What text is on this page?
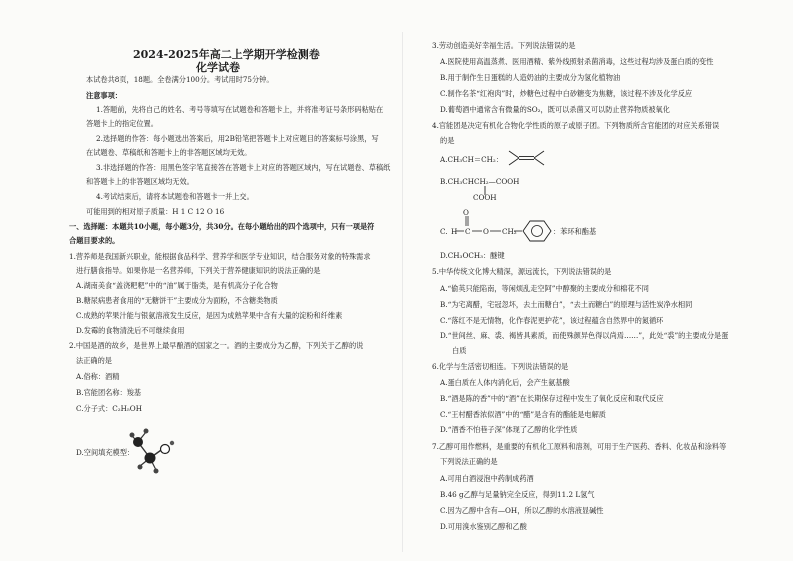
2024-2025年高二上学期开学检测卷
化学试卷
本试卷共8页，18题。全卷满分100分。考试用时75分钟。
注意事项：
1.答题前，先将自己的姓名、考号等填写在试题卷和答题卡上，并将准考证号条形码粘贴在
答题卡上的指定位置。
2.选择题的作答：每小题选出答案后，用2B铅笔把答题卡上对应题目的答案标号涂黑，写
在试题卷、草稿纸和答题卡上的非答题区域均无效。
3.非选择题的作答：用黑色签字笔直接答在答题卡上对应的答题区域内，写在试题卷、草稿纸
和答题卡上的非答题区域均无效。
4.考试结束后，请将本试题卷和答题卡一并上交。
可能用到的相对原子质量：H 1 C 12 O 16
一、选择题：本题共10小题，每小题3分，共30分。在每小题给出的四个选项中，只有一项是符
合题目要求的。
1.营养师是我国新兴职业，能根据食品科学、营养学和医学专业知识，结合服务对象的特殊需求
进行膳食指导。如果你是一名营养师，下列关于营养健康知识的说法正确的是
A.湖南美食“盖浇粑粑”中的“油”属于脂类，是有机高分子化合物
B.糖尿病患者食用的“无糖饼干”主要成分为面粉，不含糖类物质
C.成熟的苹果汁能与银氨溶液发生反应，是因为成熟苹果中含有大量的淀粉和纤维素
D.发霉的食物清洗后不可继续食用
2.中国是酒的故乡，是世界上最早酿酒的国家之一。酒的主要成分为乙醇，下列关于乙醇的说
法正确的是
A.俗称：酒精
B.官能团名称：羧基
C.分子式：C₂H₅OH
D.空间填充模型：
3.劳动创造美好幸福生活。下列说法错误的是
A.医院使用高温蒸煮、医用酒精、紫外线照射杀菌消毒，这些过程均涉及蛋白质的变性
B.用于制作生日蛋糕的人造奶油的主要成分为氢化植物油
C.制作名茶“红袍肉”时，炒糖色过程中白砂糖变为焦糖，该过程不涉及化学反应
D.葡萄酒中通常含有微量的SO₂，既可以杀菌又可以防止营养物质被氧化
4.官能团是决定有机化合物化学性质的原子或原子团。下列物质所含官能团的对应关系错误
的是
A.CH₃CH＝CH₂：
B.CH₃CHCH₂—COOH
COOH
O
C. H C O CH₂	：苯环和酯基
D.CH₃OCH₃：醚键
5.中华传统文化博大精深，源远流长，下列说法错误的是
A.“偷英只能陷南，等闲烦乱走空阿”中醇聚的主要成分和棉花不同
B.“为宅离醋，宅冠忽坏，去土而糖白”，“去土而糖白”的原理与活性炭净水相同
C.“落红不是无情物，化作春泥更护花”，该过程蕴含自然界中的氮循环
D.“世间丝、麻、裘、褐皆具素质，而使殊颜异色得以尚焉……”，此处“裘”的主要成分是蛋
白质
6.化学与生活密切相连。下列说法错误的是
A.蛋白质在人体内消化后，会产生氨基酸
B.“酒是陈的香”中的“酒”在长期保存过程中发生了氧化反应和取代反应
C.“王村醋香浓似酒”中的“醋”是含有的酯能是电解质
D.“酒香不怕巷子深”体现了乙醇的化学性质
7.乙醇可用作燃料，是重要的有机化工原料和溶剂，可用于生产医药、香料、化妆品和涂料等
下列说法正确的是
A.可用白酒浸泡中药制成药酒
B.46 g乙醇与足量钠完全反应，得到11.2 L氢气
C.因为乙醇中含有—OH，所以乙醇的水溶液显碱性
D.可用溴水鉴别乙醇和乙酸
